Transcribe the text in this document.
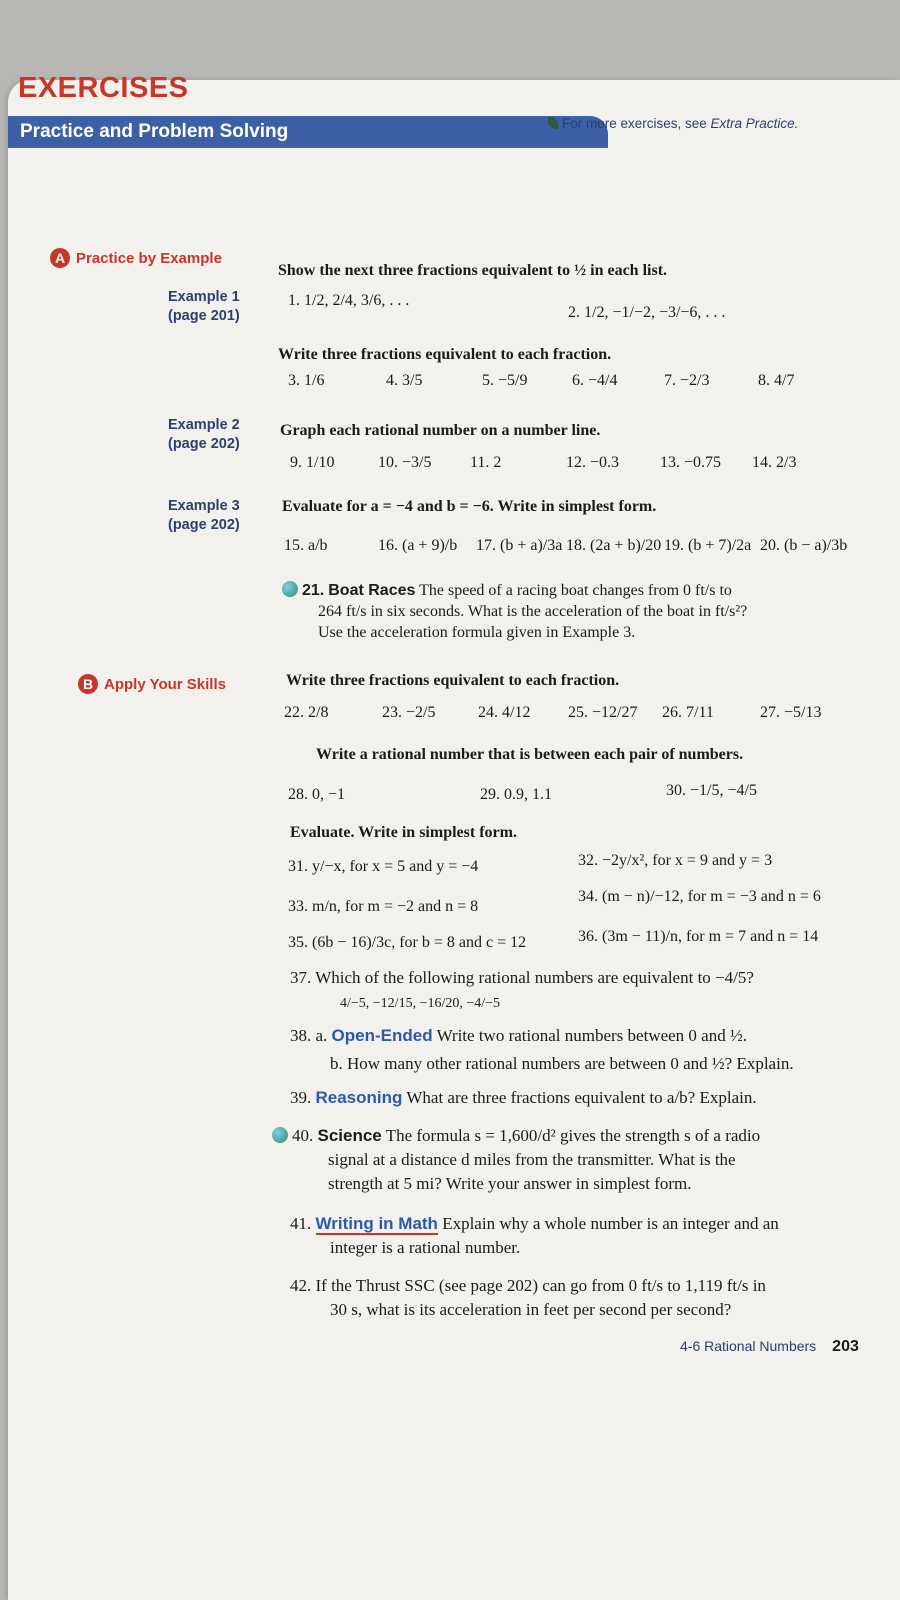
EXERCISES
Practice and Problem Solving	For more exercises, see Extra Practice.
A Practice by Example
Example 1
(page 201)
Example 2
(page 202)
Example 3
(page 202)
Show the next three fractions equivalent to ½ in each list.
1. 1/2, 2/4, 3/6, . . .
2. 1/2, −1/−2, −3/−6, . . .
Write three fractions equivalent to each fraction.
3. 1/6	4. 3/5	5. −5/9	6. −4/4	7. −2/3	8. 4/7
Graph each rational number on a number line.
9. 1/10	10. −3/5 11. 2	12. −0.3	13. −0.75 14. 2/3
Evaluate for a = −4 and b = −6. Write in simplest form.
15. a/b	16. (a + 9)/b 17. (b + a)/3a 18. (2a + b)/20 19. (b + 7)/2a 20. (b − a)/3b
21. Boat Races The speed of a racing boat changes from 0 ft/s to
264 ft/s in six seconds. What is the acceleration of the boat in ft/s²?
Use the acceleration formula given in Example 3.
B Apply Your Skills	Write three fractions equivalent to each fraction.
22. 2/8	23. −2/5	24. 4/12 25. −12/27 26. 7/11	27. −5/13
Write a rational number that is between each pair of numbers.
28. 0, −1	29. 0.9, 1.1	30. −1/5, −4/5
Evaluate. Write in simplest form.
31. y/−x, for x = 5 and y = −4	32. −2y/x², for x = 9 and y = 3
33. m/n, for m = −2 and n = 8
34. (m − n)/−12, for m = −3 and n = 6
35. (6b − 16)/3c, for b = 8 and c = 12	36. (3m − 11)/n, for m = 7 and n = 14
37. Which of the following rational numbers are equivalent to −4/5?
4/−5, −12/15, −16/20, −4/−5
38. a. Open-Ended Write two rational numbers between 0 and ½.
b. How many other rational numbers are between 0 and ½? Explain.
39. Reasoning What are three fractions equivalent to a/b? Explain.
40. Science The formula s = 1,600/d² gives the strength s of a radio
signal at a distance d miles from the transmitter. What is the
strength at 5 mi? Write your answer in simplest form.
41. Writing in Math Explain why a whole number is an integer and an
integer is a rational number.
42. If the Thrust SSC (see page 202) can go from 0 ft/s to 1,119 ft/s in
30 s, what is its acceleration in feet per second per second?
4-6 Rational Numbers 203
